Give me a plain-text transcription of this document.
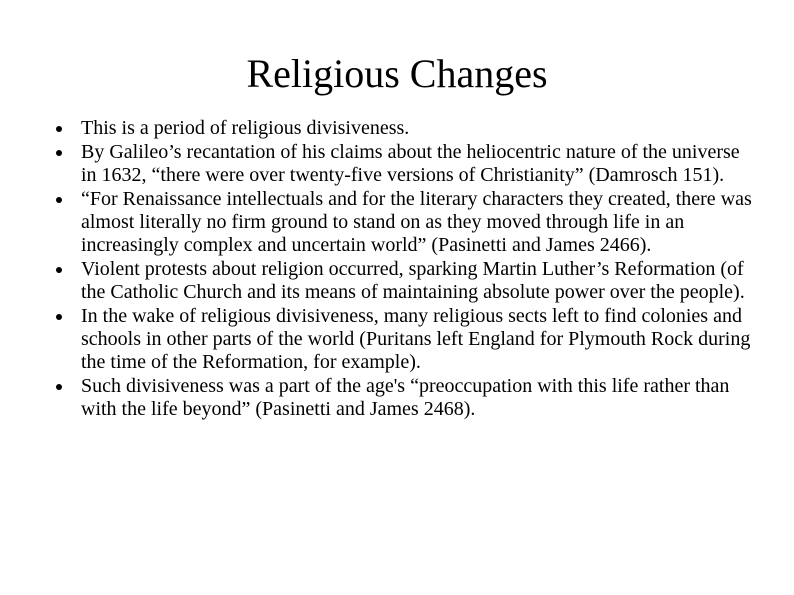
Religious Changes
This is a period of religious divisiveness.
By Galileo’s recantation of his claims about the heliocentric nature of the universe in 1632, “there were over twenty-five versions of Christianity” (Damrosch 151).
“For Renaissance intellectuals and for the literary characters they created, there was almost literally no firm ground to stand on as they moved through life in an increasingly complex and uncertain world” (Pasinetti and James 2466).
Violent protests about religion occurred, sparking Martin Luther’s Reformation (of the Catholic Church and its means of maintaining absolute power over the people).
In the wake of religious divisiveness, many religious sects left to find colonies and schools in other parts of the world (Puritans left England for Plymouth Rock during the time of the Reformation, for example).
Such divisiveness was a part of the age's “preoccupation with this life rather than with the life beyond” (Pasinetti and James 2468).
